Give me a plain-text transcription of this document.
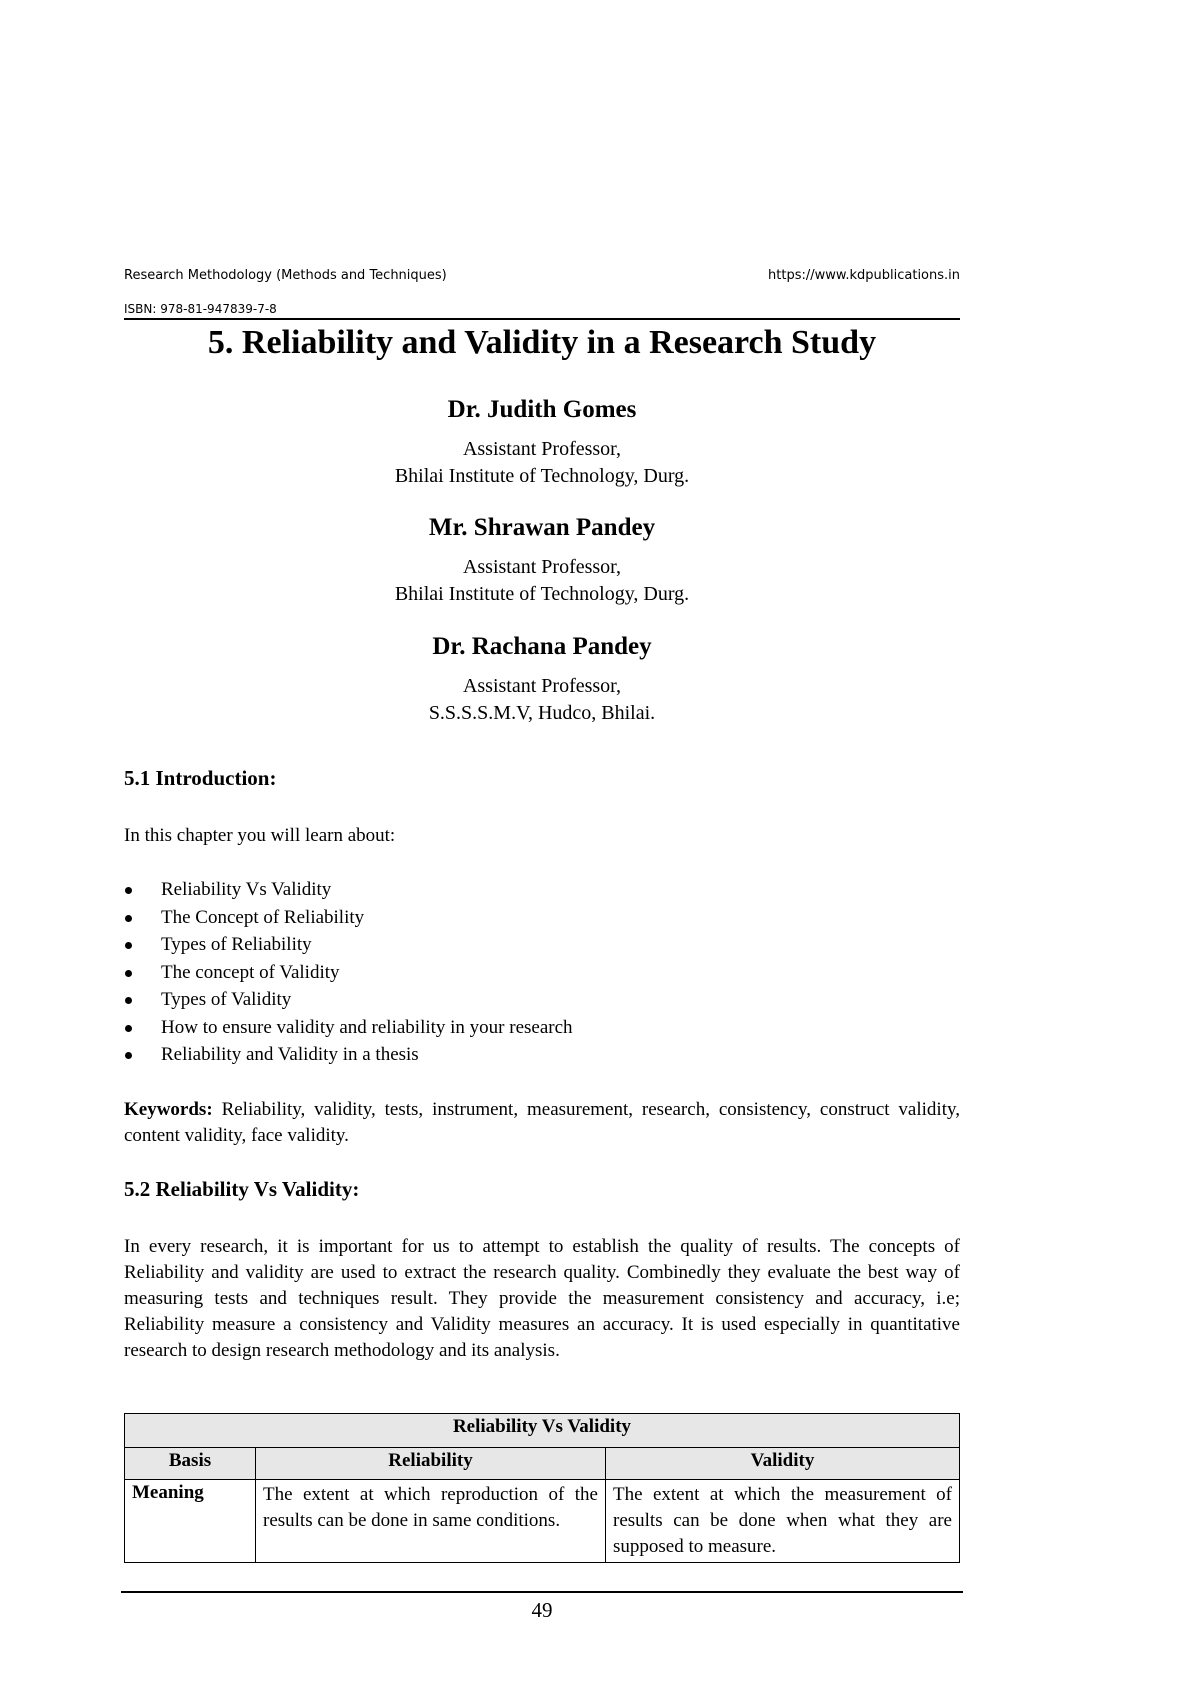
Research Methodology (Methods and Techniques)	https://www.kdpublications.in
ISBN: 978-81-947839-7-8
5. Reliability and Validity in a Research Study

Dr. Judith Gomes

Assistant Professor,
Bhilai Institute of Technology, Durg.

Mr. Shrawan Pandey

Assistant Professor,
Bhilai Institute of Technology, Durg.

Dr. Rachana Pandey

Assistant Professor,
S.S.S.S.M.V, Hudco, Bhilai.
5.1 Introduction:

In this chapter you will learn about:

Reliability Vs Validity
The Concept of Reliability
Types of Reliability
The concept of Validity
Types of Validity
How to ensure validity and reliability in your research
Reliability and Validity in a thesis

Keywords: Reliability, validity, tests, instrument, measurement, research, consistency, construct validity, content validity, face validity.

5.2 Reliability Vs Validity:

In every research, it is important for us to attempt to establish the quality of results. The concepts of Reliability and validity are used to extract the research quality. Combinedly they evaluate the best way of measuring tests and techniques result. They provide the measurement consistency and accuracy, i.e; Reliability measure a consistency and Validity measures an accuracy. It is used especially in quantitative research to design research methodology and its analysis.

Reliability Vs Validity		
Basis	Reliability	Validity
Meaning	The extent at which reproduction of the results can be done in same conditions.	The extent at which the measurement of results can be done when what they are supposed to measure.
49
